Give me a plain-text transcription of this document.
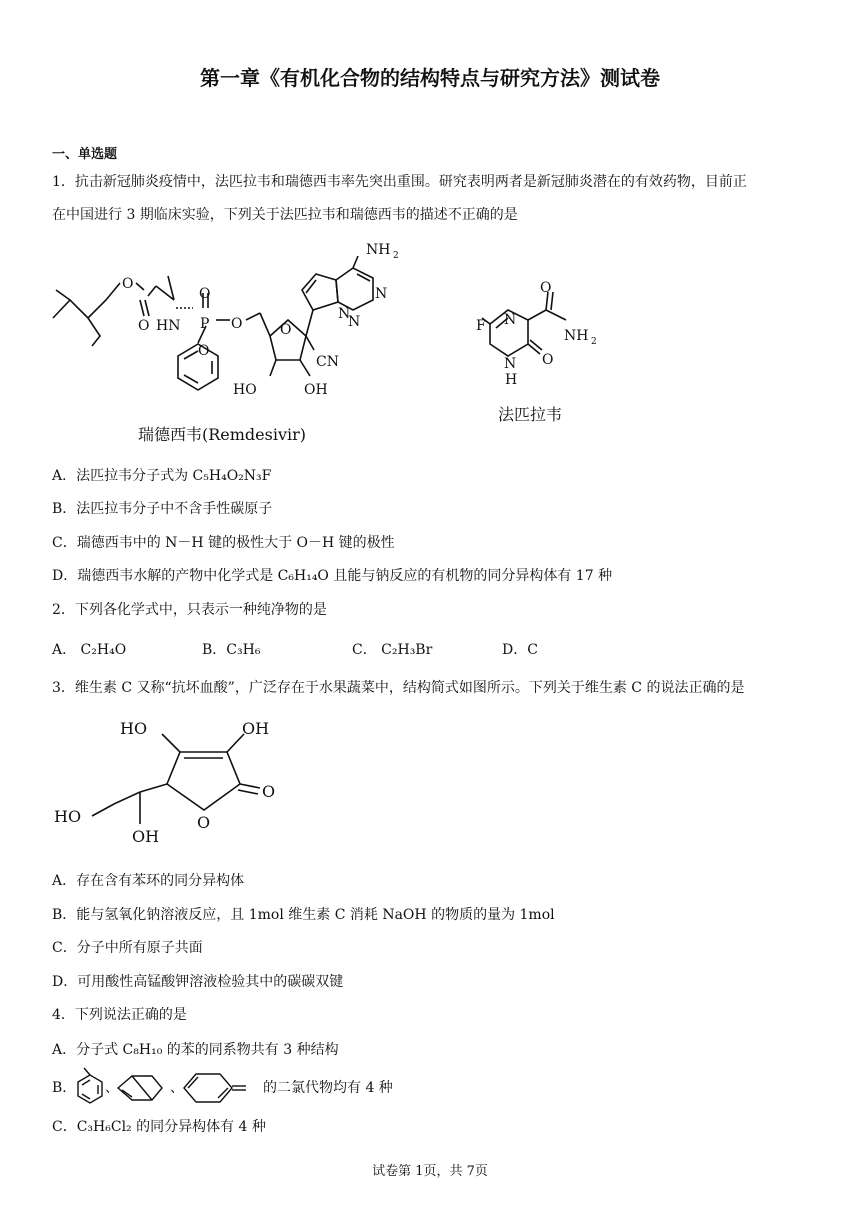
第一章《有机化合物的结构特点与研究方法》测试卷
一、单选题
1．抗击新冠肺炎疫情中，法匹拉韦和瑞德西韦率先突出重围。研究表明两者是新冠肺炎潜在的有效药物，目前正
在中国进行 3 期临床实验，下列关于法匹拉韦和瑞德西韦的描述不正确的是
O
O HN P
O
O
O	O
HO	OH
CN
N
N
N
NH 2
瑞德西韦(Remdesivir)
F N
N
H
O
O
NH 2
法匹拉韦
A．法匹拉韦分子式为 C₅H₄O₂N₃F
B．法匹拉韦分子中不含手性碳原子
C．瑞德西韦中的 N－H 键的极性大于 O－H 键的极性
D．瑞德西韦水解的产物中化学式是 C₆H₁₄O 且能与钠反应的有机物的同分异构体有 17 种
2．下列各化学式中，只表示一种纯净物的是
A． C₂H₄O	B．C₃H₆	C． C₂H₃Br	D．C
3．维生素 C 又称“抗坏血酸”，广泛存在于水果蔬菜中，结构简式如图所示。下列关于维生素 C 的说法正确的是
HO	OH
O
O
HO
OH
A．存在含有苯环的同分异构体
B．能与氢氧化钠溶液反应，且 1mol 维生素 C 消耗 NaOH 的物质的量为 1mol
C．分子中所有原子共面
D．可用酸性高锰酸钾溶液检验其中的碳碳双键
4．下列说法正确的是
A．分子式 C₈H₁₀ 的苯的同系物共有 3 种结构
B． 、	、	的二氯代物均有 4 种
C．C₃H₆Cl₂ 的同分异构体有 4 种
试卷第 1页，共 7页
